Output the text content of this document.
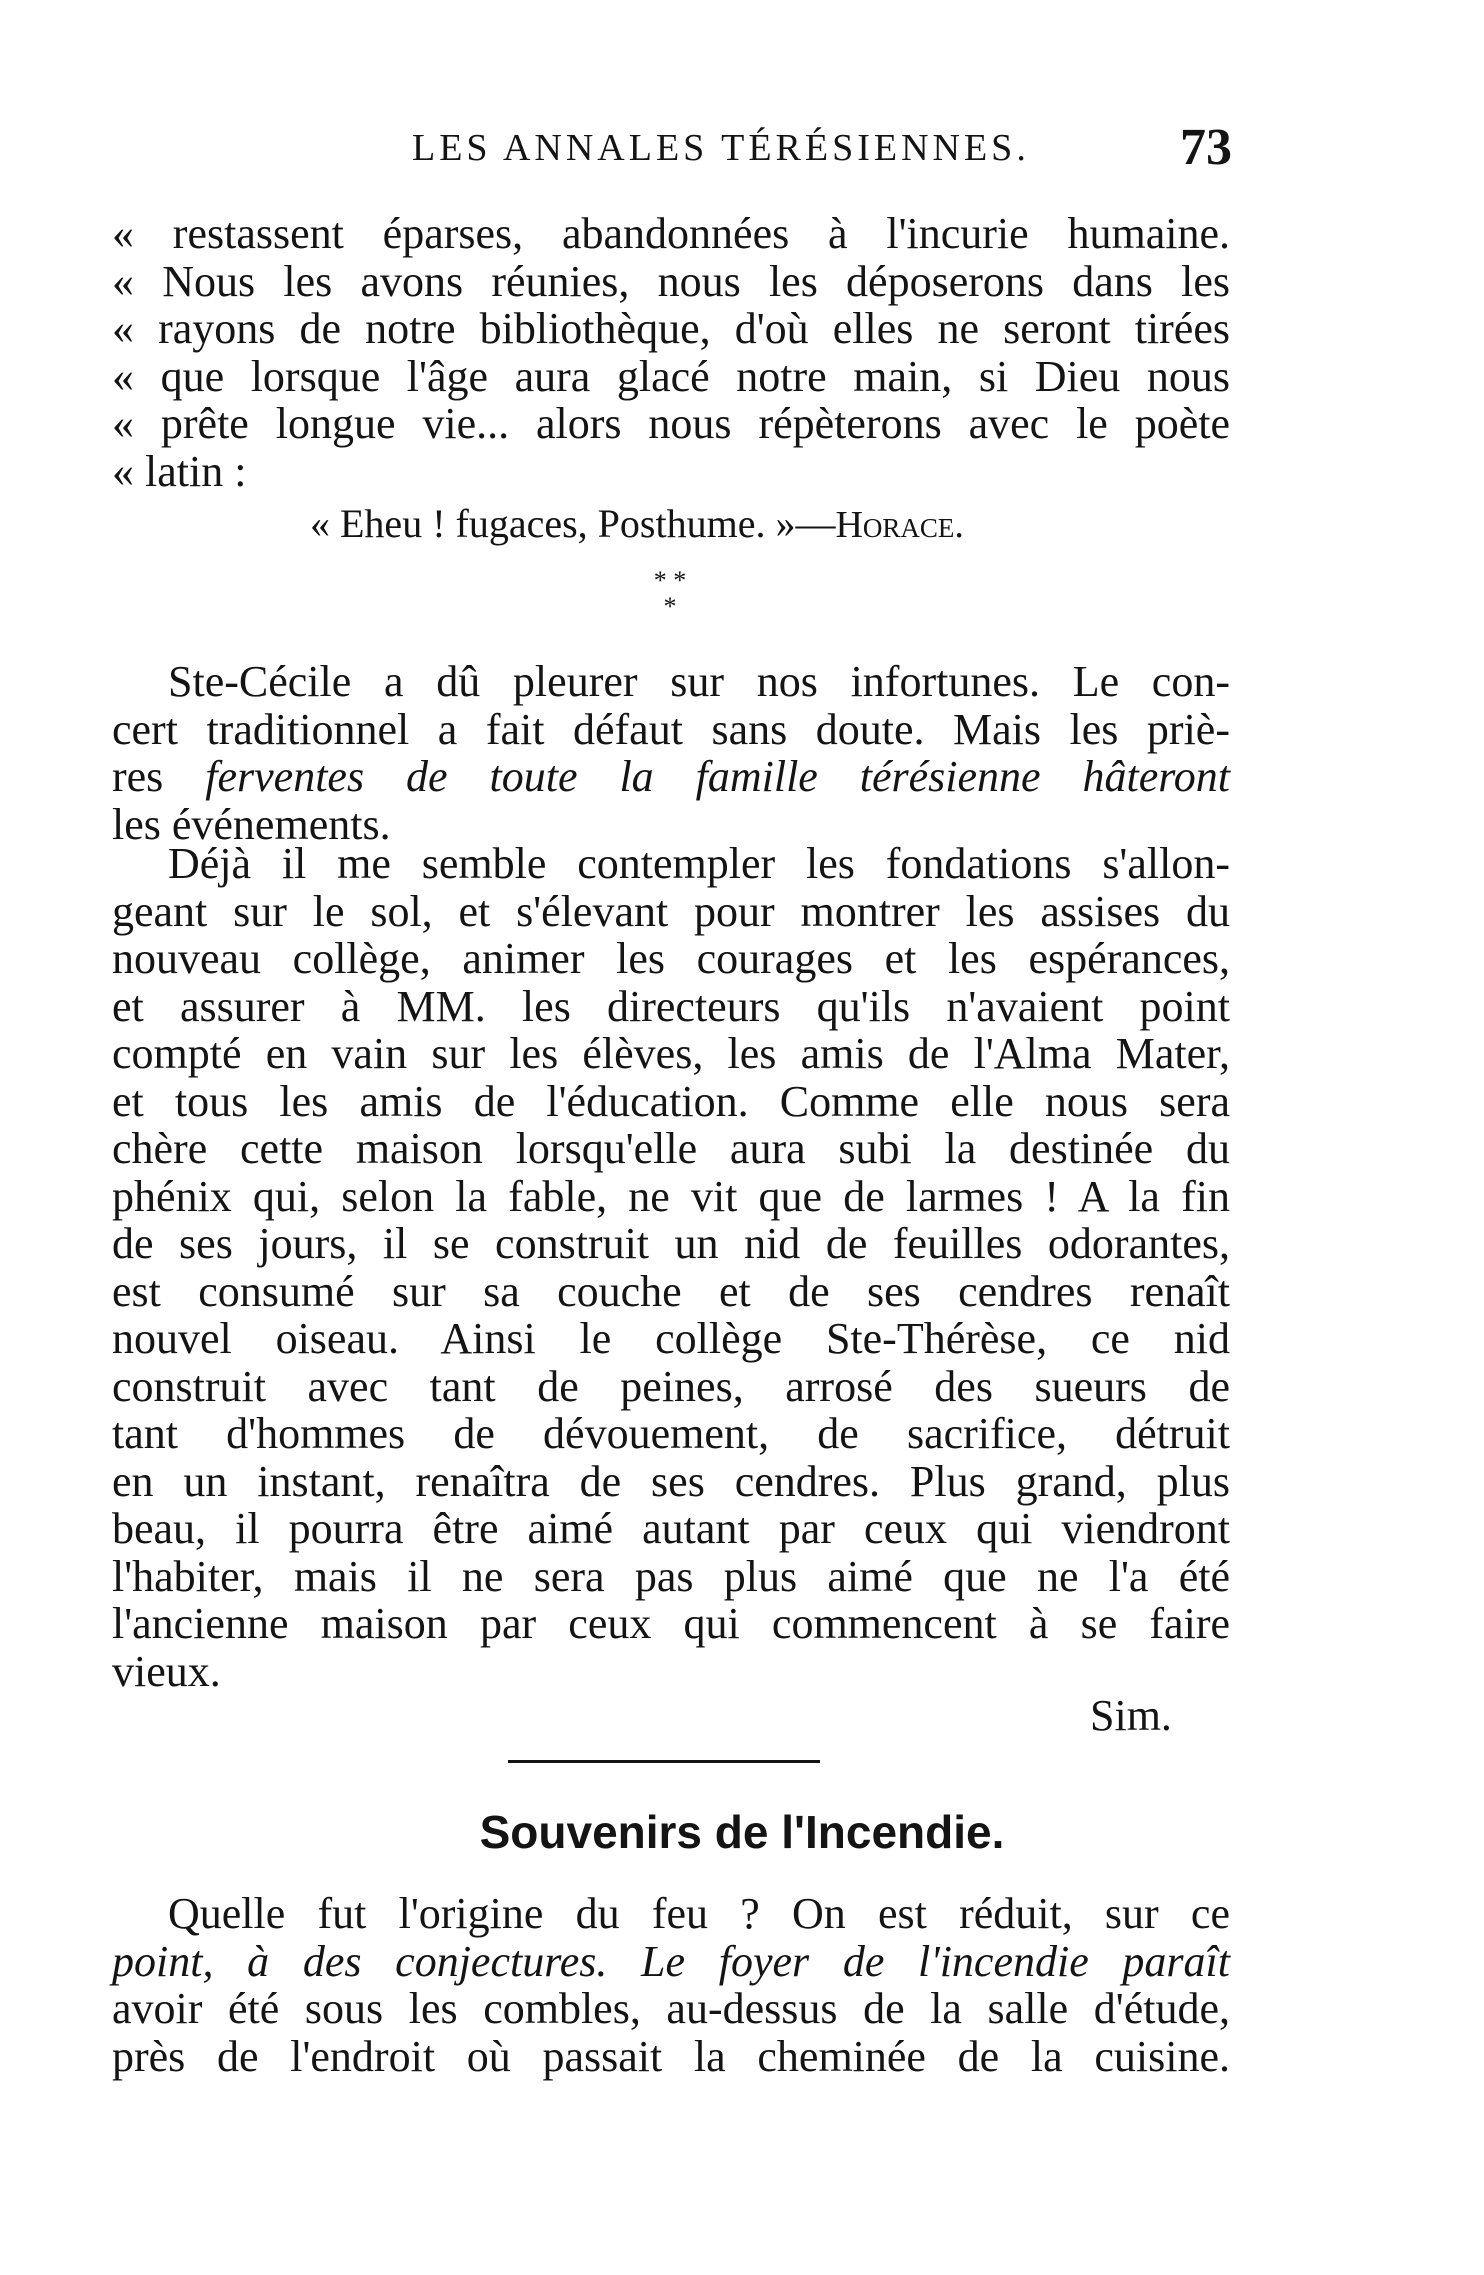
LES ANNALES TÉRÉSIENNES.	73
« restassent éparses, abandonnées à l'incurie humaine.
« Nous les avons réunies, nous les déposerons dans les
« rayons de notre bibliothèque, d'où elles ne seront tirées
« que lorsque l'âge aura glacé notre main, si Dieu nous
« prête longue vie... alors nous répèterons avec le poète
« latin :
« Eheu ! fugaces, Posthume. »—Horace.
* *
*
Ste-Cécile a dû pleurer sur nos infortunes. Le con-
cert traditionnel a fait défaut sans doute. Mais les priè-
res ferventes de toute la famille térésienne hâteront
les événements.
Déjà il me semble contempler les fondations s'allon-
geant sur le sol, et s'élevant pour montrer les assises du
nouveau collège, animer les courages et les espérances,
et assurer à MM. les directeurs qu'ils n'avaient point
compté en vain sur les élèves, les amis de l'Alma Mater,
et tous les amis de l'éducation. Comme elle nous sera
chère cette maison lorsqu'elle aura subi la destinée du
phénix qui, selon la fable, ne vit que de larmes ! A la fin
de ses jours, il se construit un nid de feuilles odorantes,
est consumé sur sa couche et de ses cendres renaît
nouvel oiseau. Ainsi le collège Ste-Thérèse, ce nid
construit avec tant de peines, arrosé des sueurs de
tant d'hommes de dévouement, de sacrifice, détruit
en un instant, renaîtra de ses cendres. Plus grand, plus
beau, il pourra être aimé autant par ceux qui viendront
l'habiter, mais il ne sera pas plus aimé que ne l'a été
l'ancienne maison par ceux qui commencent à se faire
vieux.
Sim.
Souvenirs de l'Incendie.
Quelle fut l'origine du feu ? On est réduit, sur ce
point, à des conjectures. Le foyer de l'incendie paraît
avoir été sous les combles, au-dessus de la salle d'étude,
près de l'endroit où passait la cheminée de la cuisine.
